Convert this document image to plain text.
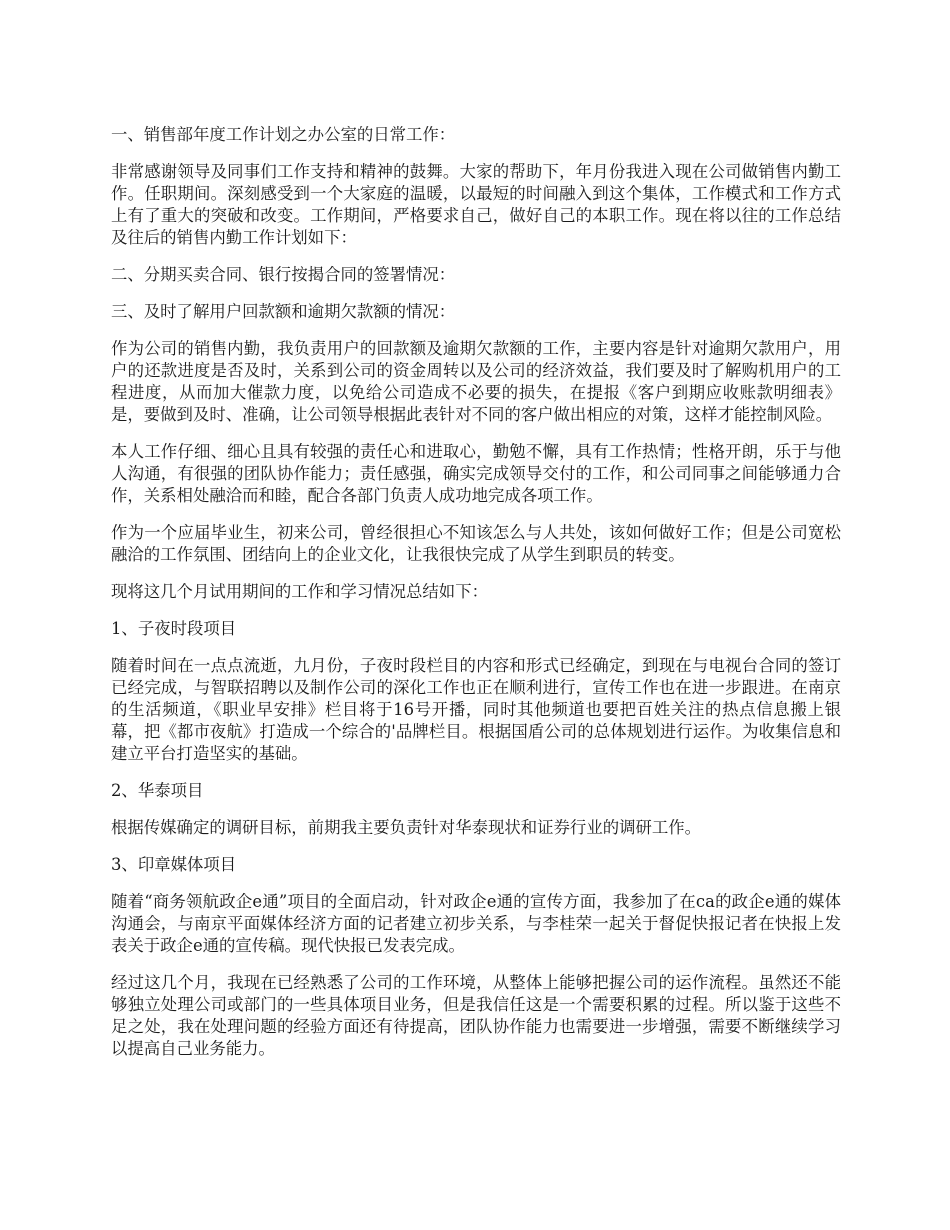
一、销售部年度工作计划之办公室的日常工作：

非常感谢领导及同事们工作支持和精神的鼓舞。大家的帮助下，年月份我进入现在公司做销售内勤工作。任职期间。深刻感受到一个大家庭的温暖，以最短的时间融入到这个集体，工作模式和工作方式上有了重大的突破和改变。工作期间，严格要求自己，做好自己的本职工作。现在将以往的工作总结及往后的销售内勤工作计划如下：

二、分期买卖合同、银行按揭合同的签署情况：

三、及时了解用户回款额和逾期欠款额的情况：

作为公司的销售内勤，我负责用户的回款额及逾期欠款额的工作，主要内容是针对逾期欠款用户，用户的还款进度是否及时，关系到公司的资金周转以及公司的经济效益，我们要及时了解购机用户的工程进度，从而加大催款力度，以免给公司造成不必要的损失，在提报《客户到期应收账款明细表》是，要做到及时、准确，让公司领导根据此表针对不同的客户做出相应的对策，这样才能控制风险。

本人工作仔细、细心且具有较强的责任心和进取心，勤勉不懈，具有工作热情；性格开朗，乐于与他人沟通，有很强的团队协作能力；责任感强，确实完成领导交付的工作，和公司同事之间能够通力合作，关系相处融洽而和睦，配合各部门负责人成功地完成各项工作。

作为一个应届毕业生，初来公司，曾经很担心不知该怎么与人共处，该如何做好工作；但是公司宽松融洽的工作氛围、团结向上的企业文化，让我很快完成了从学生到职员的转变。

现将这几个月试用期间的工作和学习情况总结如下：

1、子夜时段项目

随着时间在一点点流逝，九月份，子夜时段栏目的内容和形式已经确定，到现在与电视台合同的签订已经完成，与智联招聘以及制作公司的深化工作也正在顺利进行，宣传工作也在进一步跟进。在南京的生活频道，《职业早安排》栏目将于16号开播，同时其他频道也要把百姓关注的热点信息搬上银幕，把《都市夜航》打造成一个综合的'品牌栏目。根据国盾公司的总体规划进行运作。为收集信息和建立平台打造坚实的基础。

2、华泰项目

根据传媒确定的调研目标，前期我主要负责针对华泰现状和证券行业的调研工作。

3、印章媒体项目

随着“商务领航政企e通”项目的全面启动，针对政企e通的宣传方面，我参加了在ca的政企e通的媒体沟通会，与南京平面媒体经济方面的记者建立初步关系，与李桂荣一起关于督促快报记者在快报上发表关于政企e通的宣传稿。现代快报已发表完成。

经过这几个月，我现在已经熟悉了公司的工作环境，从整体上能够把握公司的运作流程。虽然还不能够独立处理公司或部门的一些具体项目业务，但是我信任这是一个需要积累的过程。所以鉴于这些不足之处，我在处理问题的经验方面还有待提高，团队协作能力也需要进一步增强，需要不断继续学习以提高自己业务能力。
